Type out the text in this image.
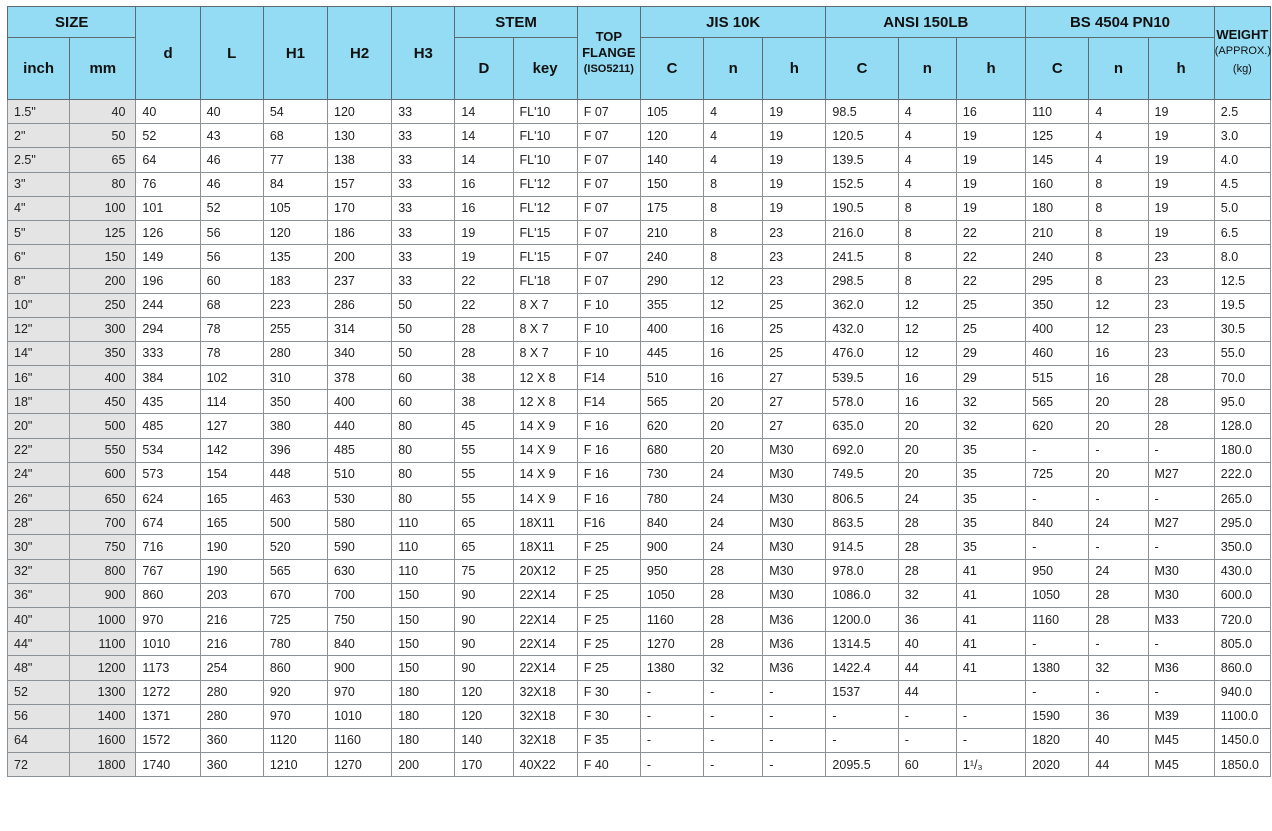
SIZE		d	L	H1	H2	H3	STEM		TOP
FLANGE
(ISO5211)	JIS 10K			ANSI 150LB			BS 4504 PN10			WEIGHT
(APPROX.)
(kg)

inch	mm						D	key		C	n	h	C	n	h	C	n	h	
1.5"	40	40	40	54	120	33	14	FL'10	F 07	105	4	19	98.5	4	16	110	4	19	2.5
2"	50	52	43	68	130	33	14	FL'10	F 07	120	4	19	120.5	4	19	125	4	19	3.0
2.5"	65	64	46	77	138	33	14	FL'10	F 07	140	4	19	139.5	4	19	145	4	19	4.0
3"	80	76	46	84	157	33	16	FL'12	F 07	150	8	19	152.5	4	19	160	8	19	4.5
4"	100	101	52	105	170	33	16	FL'12	F 07	175	8	19	190.5	8	19	180	8	19	5.0
5"	125	126	56	120	186	33	19	FL'15	F 07	210	8	23	216.0	8	22	210	8	19	6.5
6"	150	149	56	135	200	33	19	FL'15	F 07	240	8	23	241.5	8	22	240	8	23	8.0
8"	200	196	60	183	237	33	22	FL'18	F 07	290	12	23	298.5	8	22	295	8	23	12.5
10"	250	244	68	223	286	50	22	8 X 7	F 10	355	12	25	362.0	12	25	350	12	23	19.5
12"	300	294	78	255	314	50	28	8 X 7	F 10	400	16	25	432.0	12	25	400	12	23	30.5
14"	350	333	78	280	340	50	28	8 X 7	F 10	445	16	25	476.0	12	29	460	16	23	55.0
16"	400	384	102	310	378	60	38	12 X 8	F14	510	16	27	539.5	16	29	515	16	28	70.0
18"	450	435	114	350	400	60	38	12 X 8	F14	565	20	27	578.0	16	32	565	20	28	95.0
20"	500	485	127	380	440	80	45	14 X 9	F 16	620	20	27	635.0	20	32	620	20	28	128.0
22"	550	534	142	396	485	80	55	14 X 9	F 16	680	20	M30	692.0	20	35	-	-	-	180.0
24"	600	573	154	448	510	80	55	14 X 9	F 16	730	24	M30	749.5	20	35	725	20	M27	222.0
26"	650	624	165	463	530	80	55	14 X 9	F 16	780	24	M30	806.5	24	35	-	-	-	265.0
28"	700	674	165	500	580	110	65	18X11	F16	840	24	M30	863.5	28	35	840	24	M27	295.0
30"	750	716	190	520	590	110	65	18X11	F 25	900	24	M30	914.5	28	35	-	-	-	350.0
32"	800	767	190	565	630	110	75	20X12	F 25	950	28	M30	978.0	28	41	950	24	M30	430.0
36"	900	860	203	670	700	150	90	22X14	F 25	1050	28	M30	1086.0	32	41	1050	28	M30	600.0
40"	1000	970	216	725	750	150	90	22X14	F 25	1160	28	M36	1200.0	36	41	1160	28	M33	720.0
44"	1100	1010	216	780	840	150	90	22X14	F 25	1270	28	M36	1314.5	40	41	-	-	-	805.0
48"	1200	1173	254	860	900	150	90	22X14	F 25	1380	32	M36	1422.4	44	41	1380	32	M36	860.0
52	1300	1272	280	920	970	180	120	32X18	F 30	-	-	-	1537	44		-	-	-	940.0
56	1400	1371	280	970	1010	180	120	32X18	F 30	-	-	-	-	-	-	1590	36	M39	1100.0
64	1600	1572	360	1120	1160	180	140	32X18	F 35	-	-	-	-	-	-	1820	40	M45	1450.0
72	1800	1740	360	1210	1270	200	170	40X22	F 40	-	-	-	2095.5	60	1¹/₃	2020	44	M45	1850.0
